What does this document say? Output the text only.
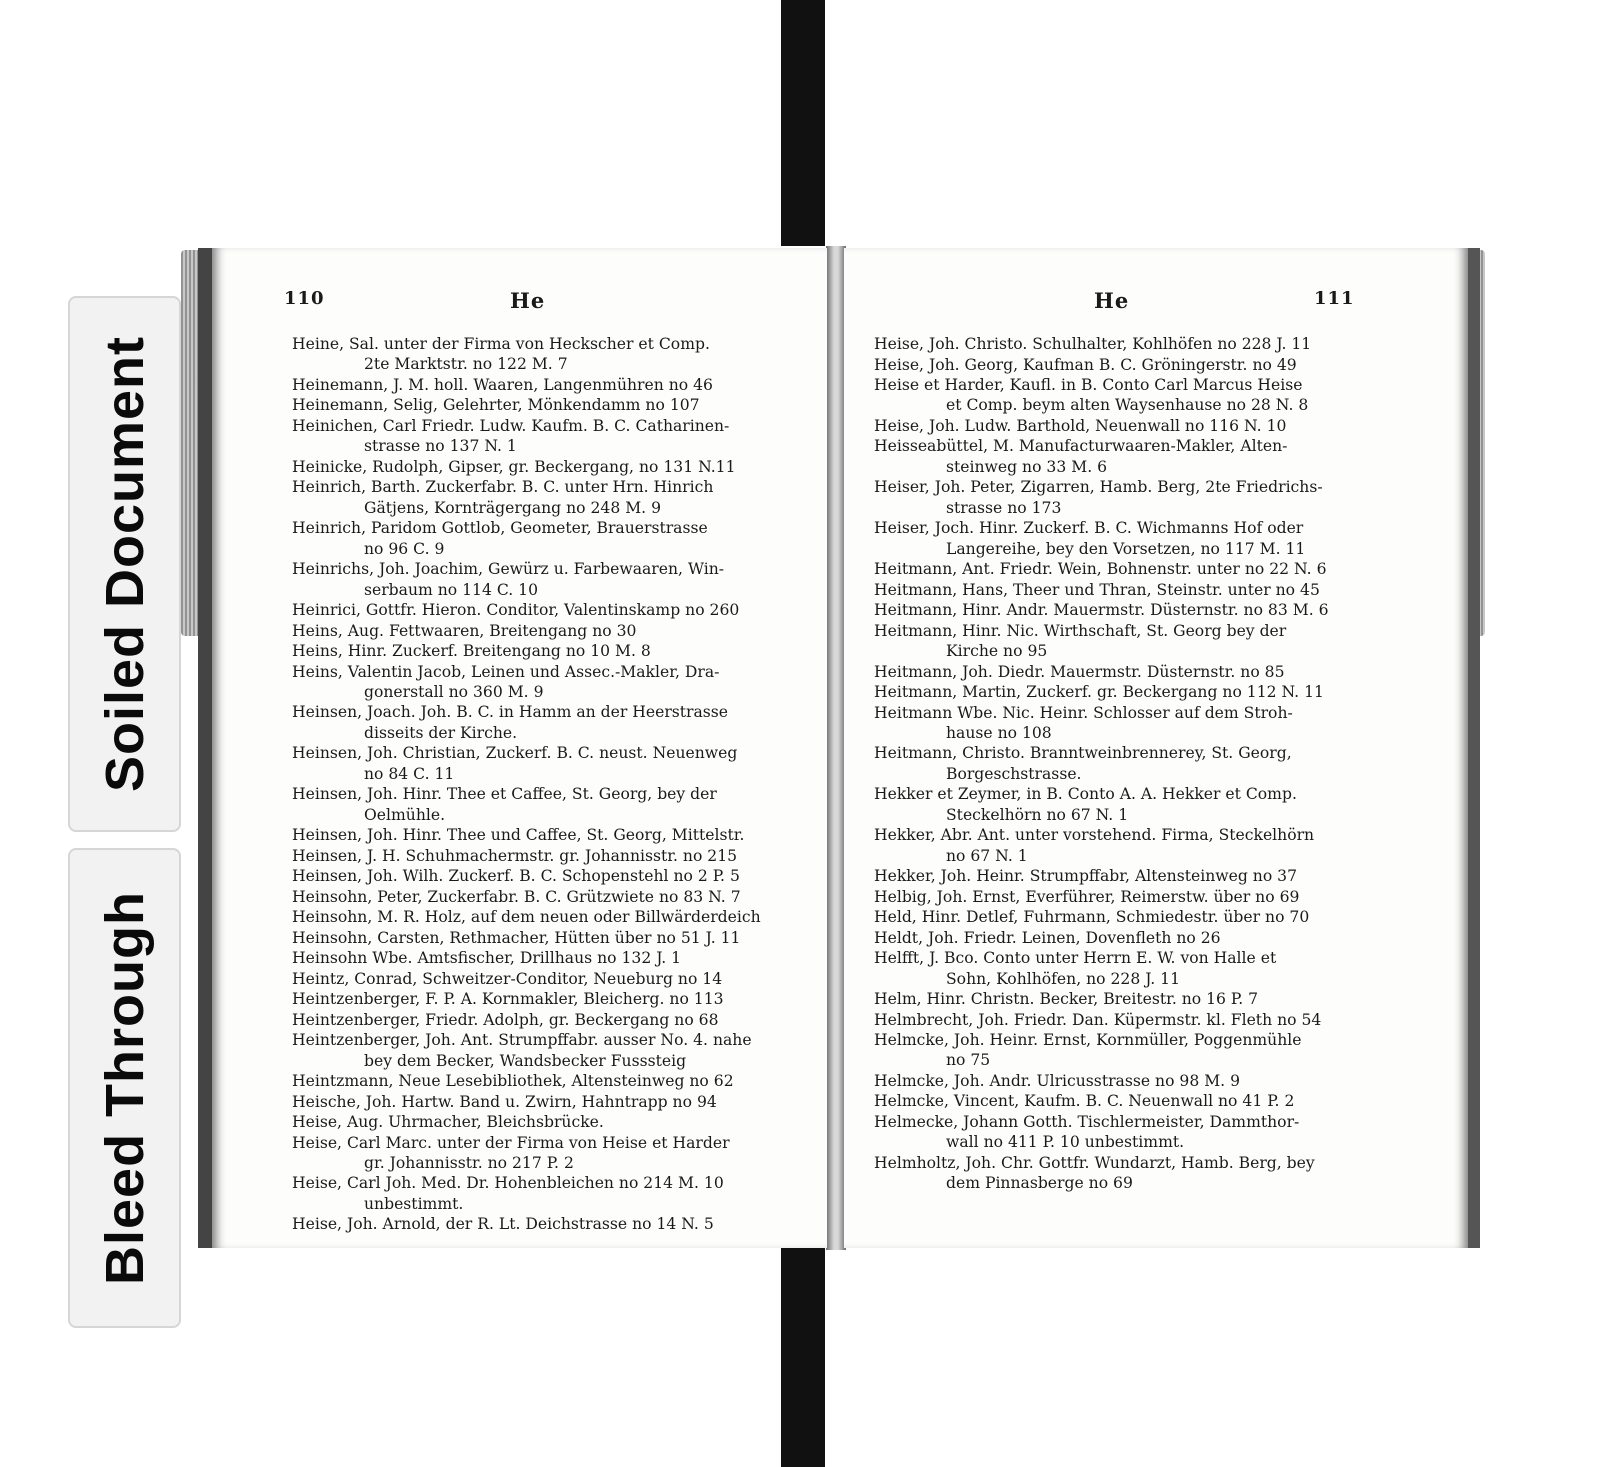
Soiled Document
Bleed Through
110	He
Heine, Sal. unter der Firma von Heckscher et Comp.
2te Marktstr. no 122 M. 7
Heinemann, J. M. holl. Waaren, Langenmühren no 46
Heinemann, Selig, Gelehrter, Mönkendamm no 107
Heinichen, Carl Friedr. Ludw. Kaufm. B. C. Catharinen-
strasse no 137 N. 1
Heinicke, Rudolph, Gipser, gr. Beckergang, no 131 N.11
Heinrich, Barth. Zuckerfabr. B. C. unter Hrn. Hinrich
Gätjens, Kornträgergang no 248 M. 9
Heinrich, Paridom Gottlob, Geometer, Brauerstrasse
no 96 C. 9
Heinrichs, Joh. Joachim, Gewürz u. Farbewaaren, Win-
serbaum no 114 C. 10
Heinrici, Gottfr. Hieron. Conditor, Valentinskamp no 260
Heins, Aug. Fettwaaren, Breitengang no 30
Heins, Hinr. Zuckerf. Breitengang no 10 M. 8
Heins, Valentin Jacob, Leinen und Assec.-Makler, Dra-
gonerstall no 360 M. 9
Heinsen, Joach. Joh. B. C. in Hamm an der Heerstrasse
disseits der Kirche.
Heinsen, Joh. Christian, Zuckerf. B. C. neust. Neuenweg
no 84 C. 11
Heinsen, Joh. Hinr. Thee et Caffee, St. Georg, bey der
Oelmühle.
Heinsen, Joh. Hinr. Thee und Caffee, St. Georg, Mittelstr.
Heinsen, J. H. Schuhmachermstr. gr. Johannisstr. no 215
Heinsen, Joh. Wilh. Zuckerf. B. C. Schopenstehl no 2 P. 5
Heinsohn, Peter, Zuckerfabr. B. C. Grützwiete no 83 N. 7
Heinsohn, M. R. Holz, auf dem neuen oder Billwärderdeich
Heinsohn, Carsten, Rethmacher, Hütten über no 51 J. 11
Heinsohn Wbe. Amtsfischer, Drillhaus no 132 J. 1
Heintz, Conrad, Schweitzer-Conditor, Neueburg no 14
Heintzenberger, F. P. A. Kornmakler, Bleicherg. no 113
Heintzenberger, Friedr. Adolph, gr. Beckergang no 68
Heintzenberger, Joh. Ant. Strumpffabr. ausser No. 4. nahe
bey dem Becker, Wandsbecker Fusssteig
Heintzmann, Neue Lesebibliothek, Altensteinweg no 62
Heische, Joh. Hartw. Band u. Zwirn, Hahntrapp no 94
Heise, Aug. Uhrmacher, Bleichsbrücke.
Heise, Carl Marc. unter der Firma von Heise et Harder
gr. Johannisstr. no 217 P. 2
Heise, Carl Joh. Med. Dr. Hohenbleichen no 214 M. 10
unbestimmt.
Heise, Joh. Arnold, der R. Lt. Deichstrasse no 14 N. 5
He	111
Heise, Joh. Christo. Schulhalter, Kohlhöfen no 228 J. 11
Heise, Joh. Georg, Kaufman B. C. Gröningerstr. no 49
Heise et Harder, Kaufl. in B. Conto Carl Marcus Heise
et Comp. beym alten Waysenhause no 28 N. 8
Heise, Joh. Ludw. Barthold, Neuenwall no 116 N. 10
Heisseabüttel, M. Manufacturwaaren-Makler, Alten-
steinweg no 33 M. 6
Heiser, Joh. Peter, Zigarren, Hamb. Berg, 2te Friedrichs-
strasse no 173
Heiser, Joch. Hinr. Zuckerf. B. C. Wichmanns Hof oder
Langereihe, bey den Vorsetzen, no 117 M. 11
Heitmann, Ant. Friedr. Wein, Bohnenstr. unter no 22 N. 6
Heitmann, Hans, Theer und Thran, Steinstr. unter no 45
Heitmann, Hinr. Andr. Mauermstr. Düsternstr. no 83 M. 6
Heitmann, Hinr. Nic. Wirthschaft, St. Georg bey der
Kirche no 95
Heitmann, Joh. Diedr. Mauermstr. Düsternstr. no 85
Heitmann, Martin, Zuckerf. gr. Beckergang no 112 N. 11
Heitmann Wbe. Nic. Heinr. Schlosser auf dem Stroh-
hause no 108
Heitmann, Christo. Branntweinbrennerey, St. Georg,
Borgeschstrasse.
Hekker et Zeymer, in B. Conto A. A. Hekker et Comp.
Steckelhörn no 67 N. 1
Hekker, Abr. Ant. unter vorstehend. Firma, Steckelhörn
no 67 N. 1
Hekker, Joh. Heinr. Strumpffabr, Altensteinweg no 37
Helbig, Joh. Ernst, Everführer, Reimerstw. über no 69
Held, Hinr. Detlef, Fuhrmann, Schmiedestr. über no 70
Heldt, Joh. Friedr. Leinen, Dovenfleth no 26
Helfft, J. Bco. Conto unter Herrn E. W. von Halle et
Sohn, Kohlhöfen, no 228 J. 11
Helm, Hinr. Christn. Becker, Breitestr. no 16 P. 7
Helmbrecht, Joh. Friedr. Dan. Küpermstr. kl. Fleth no 54
Helmcke, Joh. Heinr. Ernst, Kornmüller, Poggenmühle
no 75
Helmcke, Joh. Andr. Ulricusstrasse no 98 M. 9
Helmcke, Vincent, Kaufm. B. C. Neuenwall no 41 P. 2
Helmecke, Johann Gotth. Tischlermeister, Dammthor-
wall no 411 P. 10 unbestimmt.
Helmholtz, Joh. Chr. Gottfr. Wundarzt, Hamb. Berg, bey
dem Pinnasberge no 69
